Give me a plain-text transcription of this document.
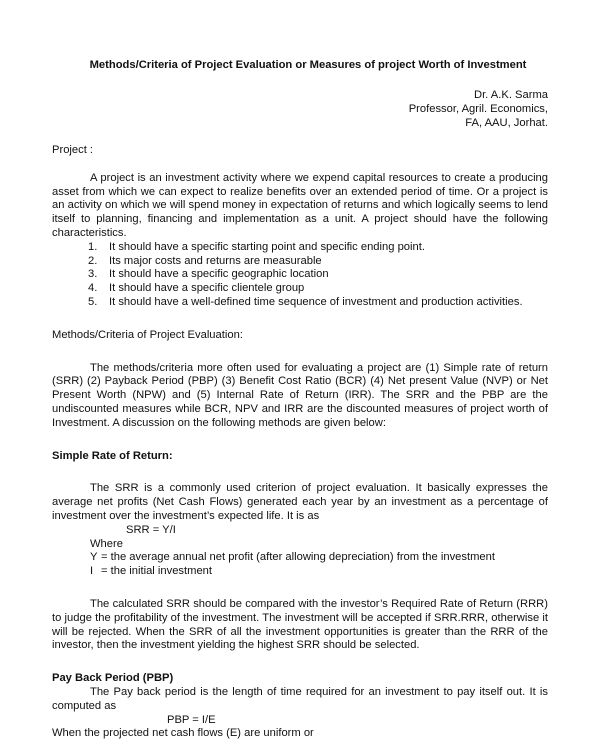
Methods/Criteria of Project Evaluation or Measures of project Worth of Investment
Dr. A.K. Sarma
Professor, Agril. Economics,
FA, AAU, Jorhat.

Project :

A project is an investment activity where we expend capital resources to create a producing asset from which we can expect to realize benefits over an extended period of time. Or a project is an activity on which we will spend money in expectation of returns and which logically seems to lend itself to planning, financing and implementation as a unit. A project should have the following characteristics.

1.	It should have a specific starting point and specific ending point.
2.	Its major costs and returns are measurable
3.	It should have a specific geographic location
4.	It should have a specific clientele group
5.	It should have a well-defined time sequence of investment and production activities.

Methods/Criteria of Project Evaluation:

The methods/criteria more often used for evaluating a project are (1) Simple rate of return (SRR) (2) Payback Period (PBP) (3) Benefit Cost Ratio (BCR) (4) Net present Value (NVP) or Net Present Worth (NPW) and (5) Internal Rate of Return (IRR). The SRR and the PBP are the undiscounted measures while BCR, NPV and IRR are the discounted measures of project worth of Investment. A discussion on the following methods are given below:

Simple Rate of Return:

The SRR is a commonly used criterion of project evaluation. It basically expresses the average net profits (Net Cash Flows) generated each year by an investment as a percentage of investment over the investment’s expected life. It is as

SRR = Y/I

Where

Y = the average annual net profit (after allowing depreciation) from the investment
I = the initial investment

The calculated SRR should be compared with the investor’s Required Rate of Return (RRR) to judge the profitability of the investment. The investment will be accepted if SRR.RRR, otherwise it will be rejected. When the SRR of all the investment opportunities is greater than the RRR of the investor, then the investment yielding the highest SRR should be selected.

Pay Back Period (PBP)

The Pay back period is the length of time required for an investment to pay itself out. It is computed as

PBP = I/E

When the projected net cash flows (E) are uniform or
